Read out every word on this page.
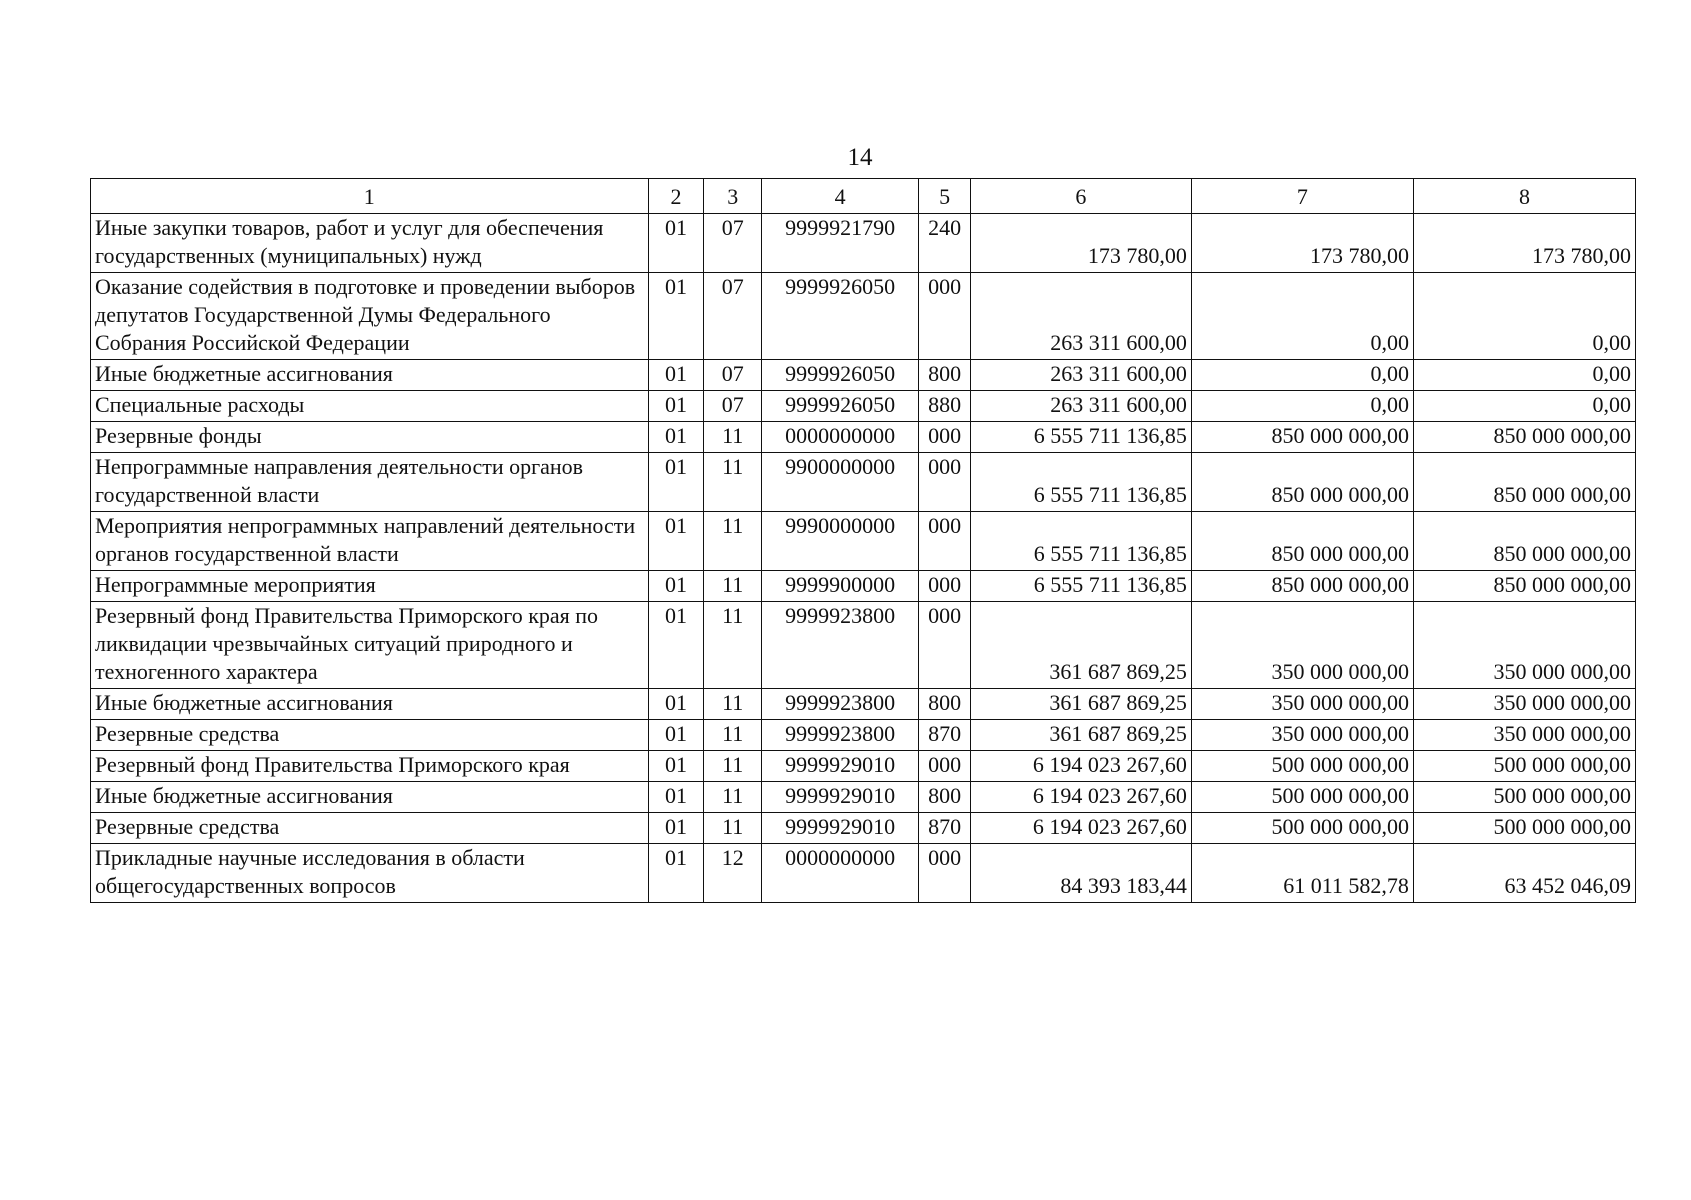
14
1	2	3	4	5	6	7	8
Иные закупки товаров, работ и услуг для обеспечения государственных (муниципальных) нужд	01	07	9999921790	240	173 780,00	173 780,00	173 780,00
Оказание содействия в подготовке и проведении выборов депутатов Государственной Думы Федерального Собрания Российской Федерации	01	07	9999926050	000	263 311 600,00	0,00	0,00
Иные бюджетные ассигнования	01	07	9999926050	800	263 311 600,00	0,00	0,00
Специальные расходы	01	07	9999926050	880	263 311 600,00	0,00	0,00
Резервные фонды	01	11	0000000000	000	6 555 711 136,85	850 000 000,00	850 000 000,00
Непрограммные направления деятельности органов государственной власти	01	11	9900000000	000	6 555 711 136,85	850 000 000,00	850 000 000,00
Мероприятия непрограммных направлений деятельности органов государственной власти	01	11	9990000000	000	6 555 711 136,85	850 000 000,00	850 000 000,00
Непрограммные мероприятия	01	11	9999900000	000	6 555 711 136,85	850 000 000,00	850 000 000,00
Резервный фонд Правительства Приморского края по ликвидации чрезвычайных ситуаций природного и техногенного характера	01	11	9999923800	000	361 687 869,25	350 000 000,00	350 000 000,00
Иные бюджетные ассигнования	01	11	9999923800	800	361 687 869,25	350 000 000,00	350 000 000,00
Резервные средства	01	11	9999923800	870	361 687 869,25	350 000 000,00	350 000 000,00
Резервный фонд Правительства Приморского края	01	11	9999929010	000	6 194 023 267,60	500 000 000,00	500 000 000,00
Иные бюджетные ассигнования	01	11	9999929010	800	6 194 023 267,60	500 000 000,00	500 000 000,00
Резервные средства	01	11	9999929010	870	6 194 023 267,60	500 000 000,00	500 000 000,00
Прикладные научные исследования в области общегосударственных вопросов	01	12	0000000000	000	84 393 183,44	61 011 582,78	63 452 046,09
